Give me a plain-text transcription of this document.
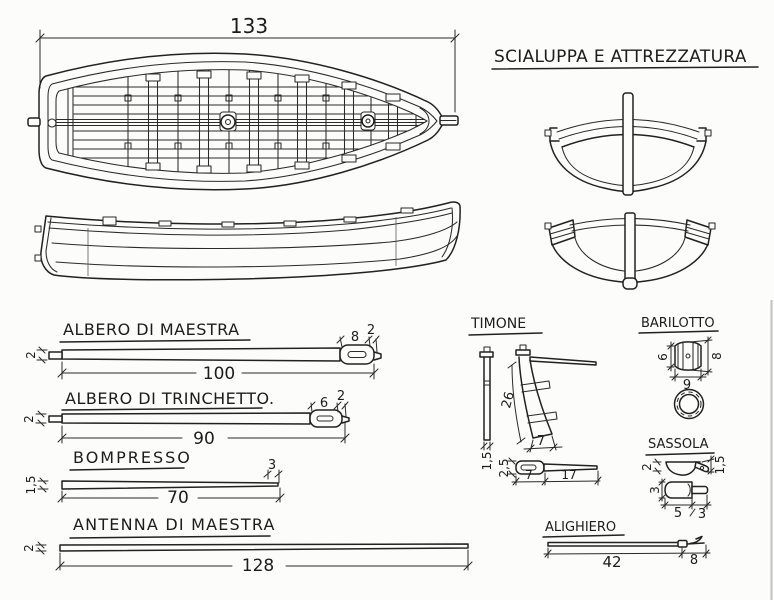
133
SCIALUPPA E ATTREZZATURA
ALBERO DI MAESTRA	8 2
2
100
ALBERO DI TRINCHETTO.	6 2
2
90
BOMPRESSO	3
1,5
70
ANTENNA DI MAESTRA
2
128
TIMONE
1,5
26
7
2,5 7 17
BARILOTTO
6	8
9
SASSOLA
2	1,5
3
5 3
ALIGHIERO
42	8
